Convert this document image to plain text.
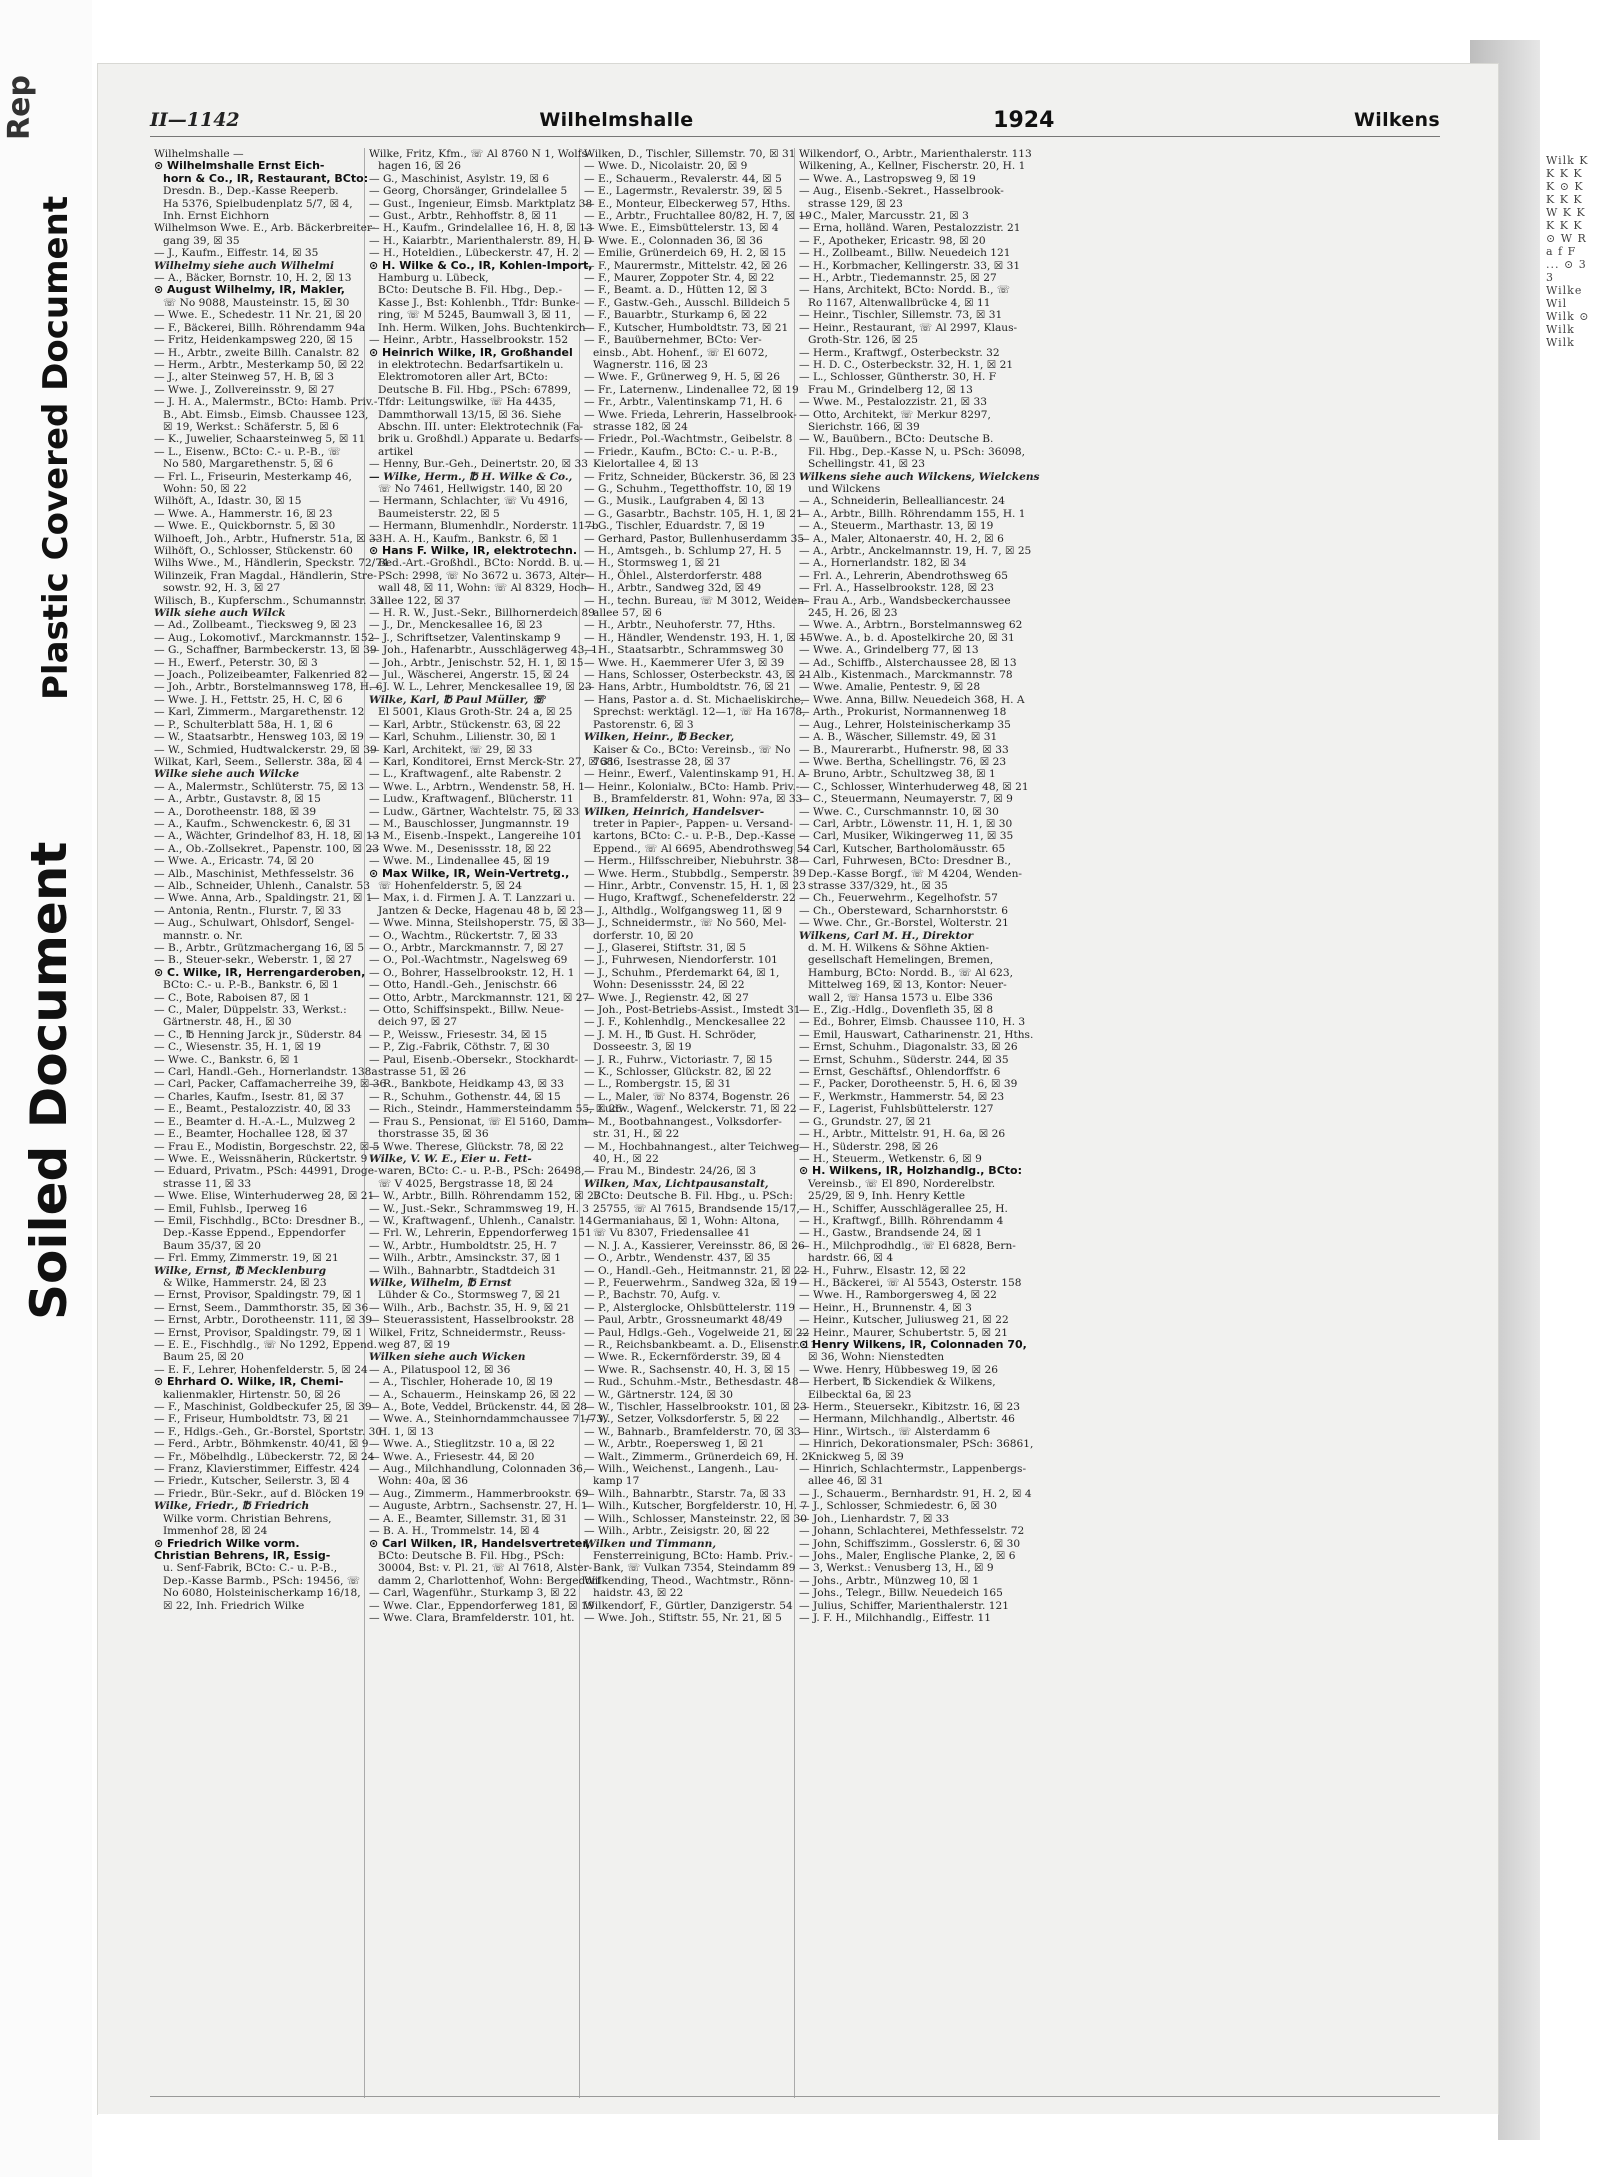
Rep
Plastic Covered Document
Soiled Document
Wilk K K K K K ⊙ K K K K W K K K K K ⊙ W R a f F ... ⊙ 3 3 Wilke Wil Wilk ⊙ Wilk Wilk
II—1142	Wilhelmshalle	1924	Wilkens
Wilhelmshalle —
⊙ Wilhelmshalle Ernst Eich-
horn & Co., IR, Restaurant, BCto:
Dresdn. B., Dep.-Kasse Reeperb.
Ha 5376, Spielbudenplatz 5/7, ☒ 4,
Inh. Ernst Eichhorn
Wilhelmson Wwe. E., Arb. Bäckerbreiter-
gang 39, ☒ 35
— J., Kaufm., Eiffestr. 14, ☒ 35
Wilhelmy siehe auch Wilhelmi
— A., Bäcker, Bornstr. 10, H. 2, ☒ 13
⊙ August Wilhelmy, IR, Makler,
☏ No 9088, Mausteinstr. 15, ☒ 30
— Wwe. E., Schedestr. 11 Nr. 21, ☒ 20
— F., Bäckerei, Billh. Röhrendamm 94a
— Fritz, Heidenkampsweg 220, ☒ 15
— H., Arbtr., zweite Billh. Canalstr. 82
— Herm., Arbtr., Mesterkamp 50, ☒ 22
— J., alter Steinweg 57, H. B, ☒ 3
— Wwe. J., Zollvereinsstr. 9, ☒ 27
— J. H. A., Malermstr., BCto: Hamb. Priv.-
B., Abt. Eimsb., Eimsb. Chaussee 123,
☒ 19, Werkst.: Schäferstr. 5, ☒ 6
— K., Juwelier, Schaarsteinweg 5, ☒ 11
— L., Eisenw., BCto: C.- u. P.-B., ☏
No 580, Margarethenstr. 5, ☒ 6
— Frl. L., Friseurin, Mesterkamp 46,
Wohn: 50, ☒ 22
Wilhöft, A., Idastr. 30, ☒ 15
— Wwe. A., Hammerstr. 16, ☒ 23
— Wwe. E., Quickbornstr. 5, ☒ 30
Wilhoeft, Joh., Arbtr., Hufnerstr. 51a, ☒ 33
Wilhöft, O., Schlosser, Stückenstr. 60
Wilhs Wwe., M., Händlerin, Speckstr. 72/74
Wilinzeik, Fran Magdal., Händlerin, Stre-
sowstr. 92, H. 3, ☒ 27
Wilisch, B., Kupferschm., Schumannstr. 33
Wilk siehe auch Wilck
— Ad., Zollbeamt., Tiecksweg 9, ☒ 23
— Aug., Lokomotivf., Marckmannstr. 152
— G., Schaffner, Barmbeckerstr. 13, ☒ 39
— H., Ewerf., Peterstr. 30, ☒ 3
— Joach., Polizeibeamter, Falkenried 82
— Joh., Arbtr., Borstelmannsweg 178, H. 6
— Wwe. J. H., Fettstr. 25, H. C, ☒ 6
— Karl, Zimmerm., Margarethenstr. 12
— P., Schulterblatt 58a, H. 1, ☒ 6
— W., Staatsarbtr., Hensweg 103, ☒ 19
— W., Schmied, Hudtwalckerstr. 29, ☒ 39
Wilkat, Karl, Seem., Sellerstr. 38a, ☒ 4
Wilke siehe auch Wilcke
— A., Malermstr., Schlüterstr. 75, ☒ 13
— A., Arbtr., Gustavstr. 8, ☒ 15
— A., Dorotheenstr. 188, ☒ 39
— A., Kaufm., Schwenckestr. 6, ☒ 31
— A., Wächter, Grindelhof 83, H. 18, ☒ 13
— A., Ob.-Zollsekret., Papenstr. 100, ☒ 23
— Wwe. A., Ericastr. 74, ☒ 20
— Alb., Maschinist, Methfesselstr. 36
— Alb., Schneider, Uhlenh., Canalstr. 53
— Wwe. Anna, Arb., Spaldingstr. 21, ☒ 1
— Antonia, Rentn., Flurstr. 7, ☒ 33
— Aug., Schulwart, Ohlsdorf, Sengel-
mannstr. o. Nr.
— B., Arbtr., Grützmachergang 16, ☒ 5
— B., Steuer-sekr., Weberstr. 1, ☒ 27
⊙ C. Wilke, IR, Herrengarderoben,
BCto: C.- u. P.-B., Bankstr. 6, ☒ 1
— C., Bote, Raboisen 87, ☒ 1
— C., Maler, Düppelstr. 33, Werkst.:
Gärtnerstr. 48, H., ☒ 30
— C., ℔ Henning Jarck jr., Süderstr. 84
— C., Wiesenstr. 35, H. 1, ☒ 19
— Wwe. C., Bankstr. 6, ☒ 1
— Carl, Handl.-Geh., Hornerlandstr. 138a
— Carl, Packer, Caffamacherreihe 39, ☒ 36
— Charles, Kaufm., Isestr. 81, ☒ 37
— E., Beamt., Pestalozzistr. 40, ☒ 33
— E., Beamter d. H.-A.-L., Mulzweg 2
— E., Beamter, Hochallee 128, ☒ 37
— Frau E., Modistin, Borgeschstr. 22, ☒ 5
— Wwe. E., Weissnäherin, Rückertstr. 9
— Eduard, Privatm., PSch: 44991, Droge-
strasse 11, ☒ 33
— Wwe. Elise, Winterhuderweg 28, ☒ 21
— Emil, Fuhlsb., Iperweg 16
— Emil, Fischhdlg., BCto: Dresdner B.,
Dep.-Kasse Eppend., Eppendorfer
Baum 35/37, ☒ 20
— Frl. Emmy, Zimmerstr. 19, ☒ 21
Wilke, Ernst, ℔ Mecklenburg
& Wilke, Hammerstr. 24, ☒ 23
— Ernst, Provisor, Spaldingstr. 79, ☒ 1
— Ernst, Seem., Dammthorstr. 35, ☒ 36
— Ernst, Arbtr., Dorotheenstr. 111, ☒ 39
— Ernst, Provisor, Spaldingstr. 79, ☒ 1
— E. E., Fischhdlg., ☏ No 1292, Eppend.
Baum 25, ☒ 20
— E. F., Lehrer, Hohenfelderstr. 5, ☒ 24
⊙ Ehrhard O. Wilke, IR, Chemi-
kalienmakler, Hirtenstr. 50, ☒ 26
— F., Maschinist, Goldbeckufer 25, ☒ 39
— F., Friseur, Humboldtstr. 73, ☒ 21
— F., Hdlgs.-Geh., Gr.-Borstel, Sportstr. 30
— Ferd., Arbtr., Böhmkenstr. 40/41, ☒ 9
— Fr., Möbelhdlg., Lübeckerstr. 72, ☒ 24
— Franz, Klavierstimmer, Eiffestr. 424
— Friedr., Kutscher, Seilerstr. 3, ☒ 4
— Friedr., Bür.-Sekr., auf d. Blöcken 19
Wilke, Friedr., ℔ Friedrich
Wilke vorm. Christian Behrens,
Immenhof 28, ☒ 24
⊙ Friedrich Wilke vorm.
Christian Behrens, IR, Essig-
u. Senf-Fabrik, BCto: C.- u. P.-B.,
Dep.-Kasse Barmb., PSch: 19456, ☏
No 6080, Holsteinischerkamp 16/18,
☒ 22, Inh. Friedrich Wilke
Wilke, Fritz, Kfm., ☏ Al 8760 N 1, Wolfs-
hagen 16, ☒ 26
— G., Maschinist, Asylstr. 19, ☒ 6
— Georg, Chorsänger, Grindelallee 5
— Gust., Ingenieur, Eimsb. Marktplatz 38
— Gust., Arbtr., Rehhoffstr. 8, ☒ 11
— H., Kaufm., Grindelallee 16, H. 8, ☒ 13
— H., Kaiarbtr., Marienthalerstr. 89, H. D
— H., Hoteldien., Lübeckerstr. 47, H. 2
⊙ H. Wilke & Co., IR, Kohlen-Import,
Hamburg u. Lübeck,
BCto: Deutsche B. Fil. Hbg., Dep.-
Kasse J., Bst: Kohlenbh., Tfdr: Bunke-
ring, ☏ M 5245, Baumwall 3, ☒ 11,
Inh. Herm. Wilken, Johs. Buchtenkirch
— Heinr., Arbtr., Hasselbrookstr. 152
⊙ Heinrich Wilke, IR, Großhandel
in elektrotechn. Bedarfsartikeln u.
Elektromotoren aller Art, BCto:
Deutsche B. Fil. Hbg., PSch: 67899,
Tfdr: Leitungswilke, ☏ Ha 4435,
Dammthorwall 13/15, ☒ 36. Siehe
Abschn. III. unter: Elektrotechnik (Fa-
brik u. Großhdl.) Apparate u. Bedarfs-
artikel
— Henny, Bur.-Geh., Deinertstr. 20, ☒ 33
— Wilke, Herm., ℔ H. Wilke & Co.,
☏ No 7461, Hellwigstr. 140, ☒ 20
— Hermann, Schlachter, ☏ Vu 4916,
Baumeisterstr. 22, ☒ 5
— Hermann, Blumenhdlr., Norderstr. 117b
— H. A. H., Kaufm., Bankstr. 6, ☒ 1
⊙ Hans F. Wilke, IR, elektrotechn.
Bed.-Art.-Großhdl., BCto: Nordd. B. u.
PSch: 2998, ☏ No 3672 u. 3673, Alter-
wall 48, ☒ 11, Wohn: ☏ Al 8329, Hoch-
allee 122, ☒ 37
— H. R. W., Just.-Sekr., Billhornerdeich 89
— J., Dr., Menckesallee 16, ☒ 23
— J., Schriftsetzer, Valentinskamp 9
— Joh., Hafenarbtr., Ausschlägerweg 43, 1.
— Joh., Arbtr., Jenischstr. 52, H. 1, ☒ 15
— Jul., Wäscherei, Angerstr. 15, ☒ 24
— J. W. L., Lehrer, Menckesallee 19, ☒ 23
Wilke, Karl, ℔ Paul Müller, ☏
El 5001, Klaus Groth-Str. 24 a, ☒ 25
— Karl, Arbtr., Stückenstr. 63, ☒ 22
— Karl, Schuhm., Lilienstr. 30, ☒ 1
— Karl, Architekt, ☏ 29, ☒ 33
— Karl, Konditorei, Ernst Merck-Str. 27, ☒ 31
— L., Kraftwagenf., alte Rabenstr. 2
— Wwe. L., Arbtrn., Wendenstr. 58, H. 1
— Ludw., Kraftwagenf., Blücherstr. 11
— Ludw., Gärtner, Wachtelstr. 75, ☒ 33
— M., Bauschlosser, Jungmannstr. 19
— M., Eisenb.-Inspekt., Langereihe 101
— Wwe. M., Desenissstr. 18, ☒ 22
— Wwe. M., Lindenallee 45, ☒ 19
⊙ Max Wilke, IR, Wein-Vertretg.,
☏ Hohenfelderstr. 5, ☒ 24
— Max, i. d. Firmen J. A. T. Lanzzari u.
Jantzen & Decke, Hagenau 48 b, ☒ 23
— Wwe. Minna, Steilshoperstr. 75, ☒ 33
— O., Wachtm., Rückertstr. 7, ☒ 33
— O., Arbtr., Marckmannstr. 7, ☒ 27
— O., Pol.-Wachtmstr., Nagelsweg 69
— O., Bohrer, Hasselbrookstr. 12, H. 1
— Otto, Handl.-Geh., Jenischstr. 66
— Otto, Arbtr., Marckmannstr. 121, ☒ 27
— Otto, Schiffsinspekt., Billw. Neue-
deich 97, ☒ 27
— P., Weissw., Friesestr. 34, ☒ 15
— P., Zig.-Fabrik, Cöthstr. 7, ☒ 30
— Paul, Eisenb.-Obersekr., Stockhardt-
strasse 51, ☒ 26
— R., Bankbote, Heidkamp 43, ☒ 33
— R., Schuhm., Gothenstr. 44, ☒ 15
— Rich., Steindr., Hammersteindamm 55, ☒ 26
— Frau S., Pensionat, ☏ El 5160, Damm-
thorstrasse 35, ☒ 36
— Wwe. Therese, Glückstr. 78, ☒ 22
Wilke, V. W. E., Eier u. Fett-
waren, BCto: C.- u. P.-B., PSch: 26498,
☏ V 4025, Bergstrasse 18, ☒ 24
— W., Arbtr., Billh. Röhrendamm 152, ☒ 27
— W., Just.-Sekr., Schrammsweg 19, H. 3
— W., Kraftwagenf., Uhlenh., Canalstr. 14
— Frl. W., Lehrerin, Eppendorferweg 151
— W., Arbtr., Humboldtstr. 25, H. 7
— Wilh., Arbtr., Amsinckstr. 37, ☒ 1
— Wilh., Bahnarbtr., Stadtdeich 31
Wilke, Wilhelm, ℔ Ernst
Lühder & Co., Stormsweg 7, ☒ 21
— Wilh., Arb., Bachstr. 35, H. 9, ☒ 21
— Steuerassistent, Hasselbrookstr. 28
Wilkel, Fritz, Schneidermstr., Reuss-
weg 87, ☒ 19
Wilken siehe auch Wicken
— A., Pilatuspool 12, ☒ 36
— A., Tischler, Hoherade 10, ☒ 19
— A., Schauerm., Heinskamp 26, ☒ 22
— A., Bote, Veddel, Brückenstr. 44, ☒ 28
— Wwe. A., Steinhorndammchaussee 71/73,
H. 1, ☒ 13
— Wwe. A., Stieglitzstr. 10 a, ☒ 22
— Wwe. A., Friesestr. 44, ☒ 20
— Aug., Milchhandlung, Colonnaden 36,
Wohn: 40a, ☒ 36
— Aug., Zimmerm., Hammerbrookstr. 69
— Auguste, Arbtrn., Sachsenstr. 27, H. 1
— A. E., Beamter, Sillemstr. 31, ☒ 31
— B. A. H., Trommelstr. 14, ☒ 4
⊙ Carl Wilken, IR, Handelsvertreter,
BCto: Deutsche B. Fil. Hbg., PSch:
30004, Bst: v. Pl. 21, ☏ Al 7618, Alster-
damm 2, Charlottenhof, Wohn: Bergedorf
— Carl, Wagenführ., Sturkamp 3, ☒ 22
— Wwe. Clar., Eppendorferweg 181, ☒ 19
— Wwe. Clara, Bramfelderstr. 101, ht.
Wilken, D., Tischler, Sillemstr. 70, ☒ 31
— Wwe. D., Nicolaistr. 20, ☒ 9
— E., Schauerm., Revalerstr. 44, ☒ 5
— E., Lagermstr., Revalerstr. 39, ☒ 5
— E., Monteur, Elbeckerweg 57, Hths.
— E., Arbtr., Fruchtallee 80/82, H. 7, ☒ 19
— Wwe. E., Eimsbüttelerstr. 13, ☒ 4
— Wwe. E., Colonnaden 36, ☒ 36
— Emilie, Grünerdeich 69, H. 2, ☒ 15
— F., Maurermstr., Mittelstr. 42, ☒ 26
— F., Maurer, Zoppoter Str. 4, ☒ 22
— F., Beamt. a. D., Hütten 12, ☒ 3
— F., Gastw.-Geh., Ausschl. Billdeich 5
— F., Bauarbtr., Sturkamp 6, ☒ 22
— F., Kutscher, Humboldtstr. 73, ☒ 21
— F., Bauübernehmer, BCto: Ver-
einsb., Abt. Hohenf., ☏ El 6072,
Wagnerstr. 116, ☒ 23
— Wwe. F., Grünerweg 9, H. 5, ☒ 26
— Fr., Laternenw., Lindenallee 72, ☒ 19
— Fr., Arbtr., Valentinskamp 71, H. 6
— Wwe. Frieda, Lehrerin, Hasselbrook-
strasse 182, ☒ 24
— Friedr., Pol.-Wachtmstr., Geibelstr. 8
— Friedr., Kaufm., BCto: C.- u. P.-B.,
Kielortallee 4, ☒ 13
— Fritz, Schneider, Bückerstr. 36, ☒ 23
— G., Schuhm., Tegetthoffstr. 10, ☒ 19
— G., Musik., Laufgraben 4, ☒ 13
— G., Gasarbtr., Bachstr. 105, H. 1, ☒ 21
— G., Tischler, Eduardstr. 7, ☒ 19
— Gerhard, Pastor, Bullenhuserdamm 35
— H., Amtsgeh., b. Schlump 27, H. 5
— H., Stormsweg 1, ☒ 21
— H., Öhlel., Alsterdorferstr. 488
— H., Arbtr., Sandweg 32d, ☒ 49
— H., techn. Bureau, ☏ M 3012, Weiden-
allee 57, ☒ 6
— H., Arbtr., Neuhoferstr. 77, Hths.
— H., Händler, Wendenstr. 193, H. 1, ☒ 15
— H., Staatsarbtr., Schrammsweg 30
— Wwe. H., Kaemmerer Ufer 3, ☒ 39
— Hans, Schlosser, Osterbeckstr. 43, ☒ 21
— Hans, Arbtr., Humboldtstr. 76, ☒ 21
— Hans, Pastor a. d. St. Michaeliskirche,
Sprechst: werktägl. 12—1, ☏ Ha 1678,
Pastorenstr. 6, ☒ 3
Wilken, Heinr., ℔ Becker,
Kaiser & Co., BCto: Vereinsb., ☏ No
7686, Isestrasse 28, ☒ 37
— Heinr., Ewerf., Valentinskamp 91, H. A
— Heinr., Kolonialw., BCto: Hamb. Priv.-
B., Bramfelderstr. 81, Wohn: 97a, ☒ 33
Wilken, Heinrich, Handelsver-
treter in Papier-, Pappen- u. Versand-
kartons, BCto: C.- u. P.-B., Dep.-Kasse
Eppend., ☏ Al 6695, Abendrothsweg 54
— Herm., Hilfsschreiber, Niebuhrstr. 38
— Wwe. Herm., Stubbdlg., Semperstr. 39
— Hinr., Arbtr., Convenstr. 15, H. 1, ☒ 23
— Hugo, Kraftwgf., Schenefelderstr. 22
— J., Althdlg., Wolfgangsweg 11, ☒ 9
— J., Schneidermstr., ☏ No 560, Mel-
dorferstr. 10, ☒ 20
— J., Glaserei, Stiftstr. 31, ☒ 5
— J., Fuhrwesen, Niendorferstr. 101
— J., Schuhm., Pferdemarkt 64, ☒ 1,
Wohn: Desenissstr. 24, ☒ 22
— Wwe. J., Regienstr. 42, ☒ 27
— Joh., Post-Betriebs-Assist., Imstedt 31
— J. F., Kohlenhdlg., Menckesallee 22
— J. M. H., ℔ Gust. H. Schröder,
Dosseestr. 3, ☒ 19
— J. R., Fuhrw., Victoriastr. 7, ☒ 15
— K., Schlosser, Glückstr. 82, ☒ 22
— L., Rombergstr. 15, ☒ 31
— L., Maler, ☏ No 8374, Bogenstr. 26
— Ludw., Wagenf., Welckerstr. 71, ☒ 22
— M., Bootbahnangest., Volksdorfer-
str. 31, H., ☒ 22
— M., Hochbahnangest., alter Teichweg
40, H., ☒ 22
— Frau M., Bindestr. 24/26, ☒ 3
Wilken, Max, Lichtpausanstalt,
BCto: Deutsche B. Fil. Hbg., u. PSch:
25755, ☏ Al 7615, Brandsende 15/17,
Germaniahaus, ☒ 1, Wohn: Altona,
☏ Vu 8307, Friedensallee 41
— N. J. A., Kassierer, Vereinsstr. 86, ☒ 26
— O., Arbtr., Wendenstr. 437, ☒ 35
— O., Handl.-Geh., Heitmannstr. 21, ☒ 22
— P., Feuerwehrm., Sandweg 32a, ☒ 19
— P., Bachstr. 70, Aufg. v.
— P., Alsterglocke, Ohlsbüttelerstr. 119
— Paul, Arbtr., Grossneumarkt 48/49
— Paul, Hdlgs.-Geh., Vogelweide 21, ☒ 22
— R., Reichsbankbeamt. a. D., Elisenstr. 11
— Wwe. R., Eckernförderstr. 39, ☒ 4
— Wwe. R., Sachsenstr. 40, H. 3, ☒ 15
— Rud., Schuhm.-Mstr., Bethesdastr. 48
— W., Gärtnerstr. 124, ☒ 30
— W., Tischler, Hasselbrookstr. 101, ☒ 23
— W., Setzer, Volksdorferstr. 5, ☒ 22
— W., Bahnarb., Bramfelderstr. 70, ☒ 33
— W., Arbtr., Roepersweg 1, ☒ 21
— Walt., Zimmerm., Grünerdeich 69, H. 2
— Wilh., Weichenst., Langenh., Lau-
kamp 17
— Wilh., Bahnarbtr., Starstr. 7a, ☒ 33
— Wilh., Kutscher, Borgfelderstr. 10, H. 7
— Wilh., Schlosser, Mansteinstr. 22, ☒ 30
— Wilh., Arbtr., Zeisigstr. 20, ☒ 22
Wilken und Timmann,
Fensterreinigung, BCto: Hamb. Priv.-
Bank, ☏ Vulkan 7354, Steindamm 89
Wilkending, Theod., Wachtmstr., Rönn-
haidstr. 43, ☒ 22
Wilkendorf, F., Gürtler, Danzigerstr. 54
— Wwe. Joh., Stiftstr. 55, Nr. 21, ☒ 5
Wilkendorf, O., Arbtr., Marienthalerstr. 113
Wilkening, A., Kellner, Fischerstr. 20, H. 1
— Wwe. A., Lastropsweg 9, ☒ 19
— Aug., Eisenb.-Sekret., Hasselbrook-
strasse 129, ☒ 23
— C., Maler, Marcusstr. 21, ☒ 3
— Erna, holländ. Waren, Pestalozzistr. 21
— F., Apotheker, Ericastr. 98, ☒ 20
— H., Zollbeamt., Billw. Neuedeich 121
— H., Korbmacher, Kellingerstr. 33, ☒ 31
— H., Arbtr., Tiedemannstr. 25, ☒ 27
— Hans, Architekt, BCto: Nordd. B., ☏
Ro 1167, Altenwallbrücke 4, ☒ 11
— Heinr., Tischler, Sillemstr. 73, ☒ 31
— Heinr., Restaurant, ☏ Al 2997, Klaus-
Groth-Str. 126, ☒ 25
— Herm., Kraftwgf., Osterbeckstr. 32
— H. D. C., Osterbeckstr. 32, H. 1, ☒ 21
— L., Schlosser, Güntherstr. 30, H. F
Frau M., Grindelberg 12, ☒ 13
— Wwe. M., Pestalozzistr. 21, ☒ 33
— Otto, Architekt, ☏ Merkur 8297,
Sierichstr. 166, ☒ 39
— W., Bauübern., BCto: Deutsche B.
Fil. Hbg., Dep.-Kasse N, u. PSch: 36098,
Schellingstr. 41, ☒ 23
Wilkens siehe auch Wilckens, Wielckens
und Wilckens
— A., Schneiderin, Bellealliancestr. 24
— A., Arbtr., Billh. Röhrendamm 155, H. 1
— A., Steuerm., Marthastr. 13, ☒ 19
— A., Maler, Altonaerstr. 40, H. 2, ☒ 6
— A., Arbtr., Anckelmannstr. 19, H. 7, ☒ 25
— A., Hornerlandstr. 182, ☒ 34
— Frl. A., Lehrerin, Abendrothsweg 65
— Frl. A., Hasselbrookstr. 128, ☒ 23
— Frau A., Arb., Wandsbeckerchaussee
245, H. 26, ☒ 23
— Wwe. A., Arbtrn., Borstelmannsweg 62
— Wwe. A., b. d. Apostelkirche 20, ☒ 31
— Wwe. A., Grindelberg 77, ☒ 13
— Ad., Schiffb., Alsterchaussee 28, ☒ 13
— Alb., Kistenmach., Marckmannstr. 78
— Wwe. Amalie, Pentestr. 9, ☒ 28
— Wwe. Anna, Billw. Neuedeich 368, H. A
— Arth., Prokurist, Normannenweg 18
— Aug., Lehrer, Holsteinischerkamp 35
— A. B., Wäscher, Sillemstr. 49, ☒ 31
— B., Maurerarbt., Hufnerstr. 98, ☒ 33
— Wwe. Bertha, Schellingstr. 76, ☒ 23
— Bruno, Arbtr., Schultzweg 38, ☒ 1
— C., Schlosser, Winterhuderweg 48, ☒ 21
— C., Steuermann, Neumayerstr. 7, ☒ 9
— Wwe. C., Curschmannstr. 10, ☒ 30
— Carl, Arbtr., Löwenstr. 11, H. 1, ☒ 30
— Carl, Musiker, Wikingerweg 11, ☒ 35
— Carl, Kutscher, Bartholomäusstr. 65
— Carl, Fuhrwesen, BCto: Dresdner B.,
Dep.-Kasse Borgf., ☏ M 4204, Wenden-
strasse 337/329, ht., ☒ 35
— Ch., Feuerwehrm., Kegelhofstr. 57
— Ch., Obersteward, Scharnhorststr. 6
— Wwe. Chr., Gr.-Borstel, Wolterstr. 21
Wilkens, Carl M. H., Direktor
d. M. H. Wilkens & Söhne Aktien-
gesellschaft Hemelingen, Bremen,
Hamburg, BCto: Nordd. B., ☏ Al 623,
Mittelweg 169, ☒ 13, Kontor: Neuer-
wall 2, ☏ Hansa 1573 u. Elbe 336
— E., Zig.-Hdlg., Dovenfleth 35, ☒ 8
— Ed., Bohrer, Eimsb. Chaussee 110, H. 3
— Emil, Hauswart, Catharinenstr. 21, Hths.
— Ernst, Schuhm., Diagonalstr. 33, ☒ 26
— Ernst, Schuhm., Süderstr. 244, ☒ 35
— Ernst, Geschäftsf., Ohlendorffstr. 6
— F., Packer, Dorotheenstr. 5, H. 6, ☒ 39
— F., Werkmstr., Hammerstr. 54, ☒ 23
— F., Lagerist, Fuhlsbüttelerstr. 127
— G., Grundstr. 27, ☒ 21
— H., Arbtr., Mittelstr. 91, H. 6a, ☒ 26
— H., Süderstr. 298, ☒ 26
— H., Steuerm., Wetkenstr. 6, ☒ 9
⊙ H. Wilkens, IR, Holzhandlg., BCto:
Vereinsb., ☏ El 890, Norderelbstr.
25/29, ☒ 9, Inh. Henry Kettle
— H., Schiffer, Ausschlägerallee 25, H.
— H., Kraftwgf., Billh. Röhrendamm 4
— H., Gastw., Brandsende 24, ☒ 1
— H., Milchprodhdlg., ☏ El 6828, Bern-
hardstr. 66, ☒ 4
— H., Fuhrw., Elsastr. 12, ☒ 22
— H., Bäckerei, ☏ Al 5543, Osterstr. 158
— Wwe. H., Ramborgersweg 4, ☒ 22
— Heinr., H., Brunnenstr. 4, ☒ 3
— Heinr., Kutscher, Juliusweg 21, ☒ 22
— Heinr., Maurer, Schubertstr. 5, ☒ 21
⊙ Henry Wilkens, IR, Colonnaden 70,
☒ 36, Wohn: Nienstedten
— Wwe. Henry, Hübbesweg 19, ☒ 26
— Herbert, ℔ Sickendiek & Wilkens,
Eilbecktal 6a, ☒ 23
— Herm., Steuersekr., Kibitzstr. 16, ☒ 23
— Hermann, Milchhandlg., Albertstr. 46
— Hinr., Wirtsch., ☏ Alsterdamm 6
— Hinrich, Dekorationsmaler, PSch: 36861,
Knickweg 5, ☒ 39
— Hinrich, Schlachtermstr., Lappenbergs-
allee 46, ☒ 31
— J., Schauerm., Bernhardstr. 91, H. 2, ☒ 4
— J., Schlosser, Schmiedestr. 6, ☒ 30
— Joh., Lienhardstr. 7, ☒ 33
— Johann, Schlachterei, Methfesselstr. 72
— John, Schiffszimm., Gosslerstr. 6, ☒ 30
— Johs., Maler, Englische Planke, 2, ☒ 6
— 3, Werkst.: Venusberg 13, H., ☒ 9
— Johs., Arbtr., Münzweg 10, ☒ 1
— Johs., Telegr., Billw. Neuedeich 165
— Julius, Schiffer, Marienthalerstr. 121
— J. F. H., Milchhandlg., Eiffestr. 11
